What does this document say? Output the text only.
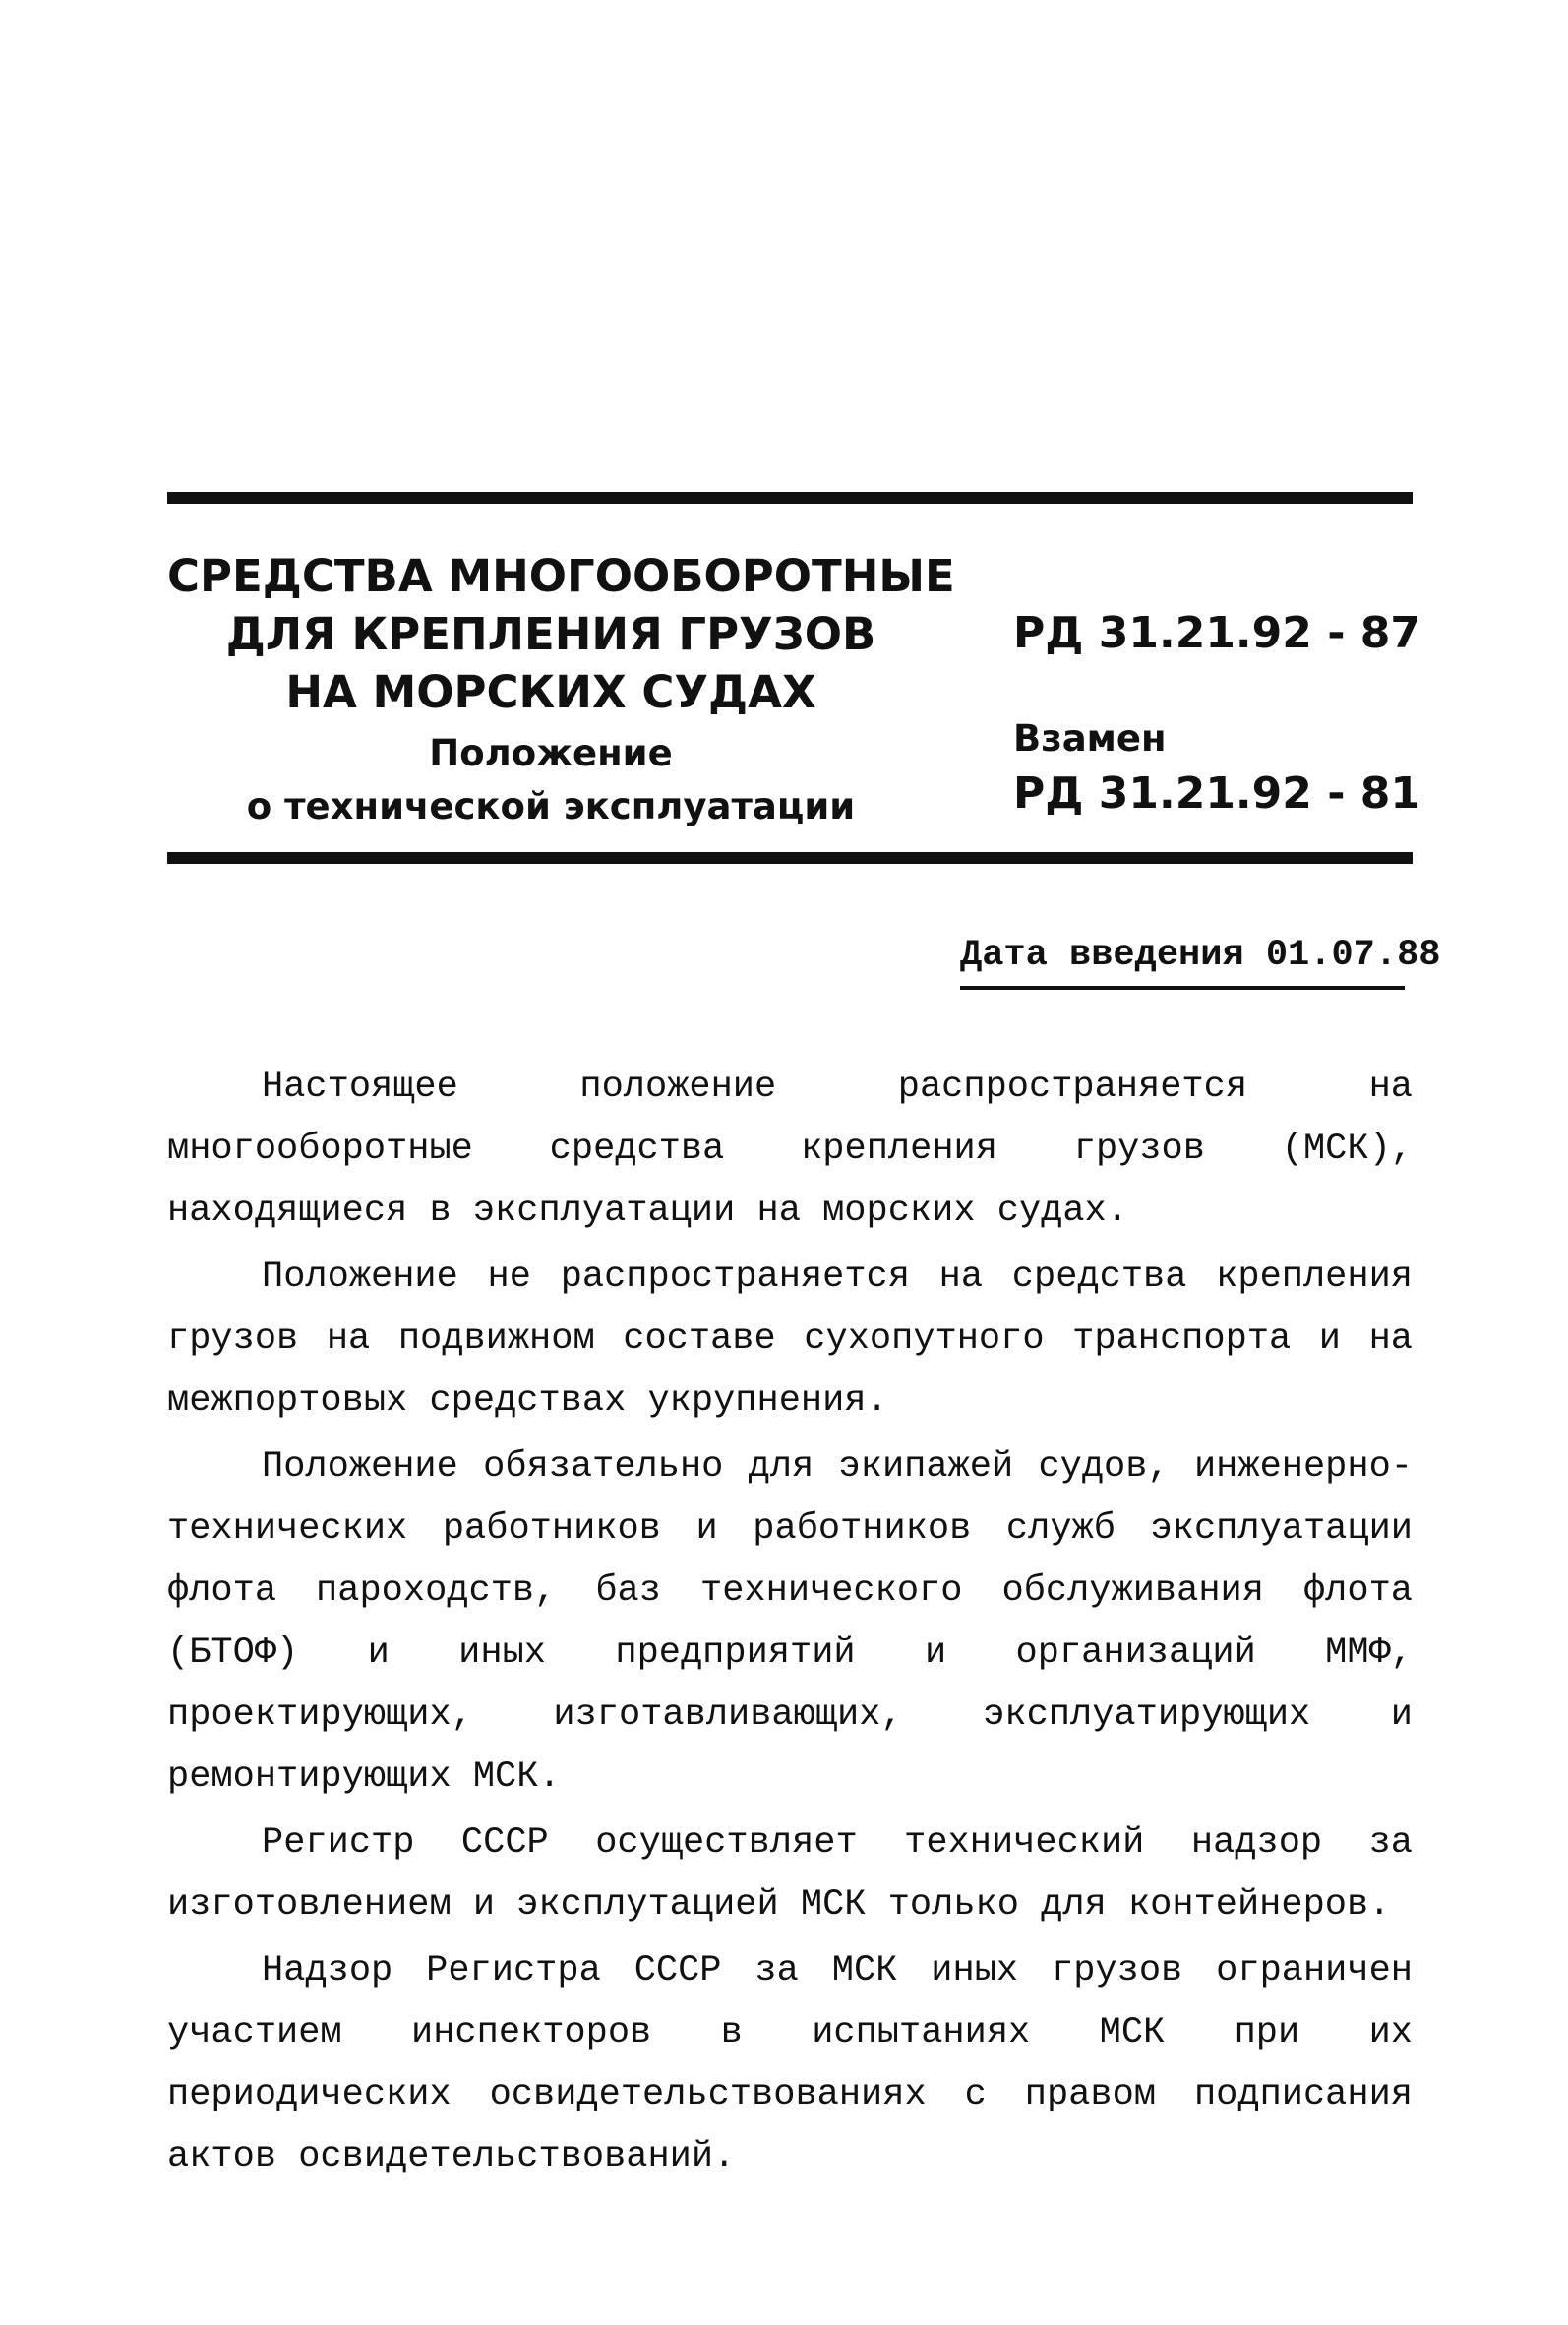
СРЕДСТВА МНОГООБОРОТНЫЕ
ДЛЯ КРЕПЛЕНИЯ ГРУЗОВ
НА МОРСКИХ СУДАХ
Положение
о технической эксплуатации
РД 31.21.92 - 87
Взамен
РД 31.21.92 - 81
Дата введения 01.07.88

Настоящее положение распространяется на многооборотные средства крепления грузов (МСК), находящиеся в эксплуатации на морских судах.

Положение не распространяется на средства крепления грузов на подвижном составе сухопутного транспорта и на межпортовых средствах укрупнения.

Положение обязательно для экипажей судов, инженерно-технических работников и работников служб эксплуатации флота пароходств, баз технического обслуживания флота (БТОФ) и иных предприятий и организаций ММФ, проектирующих, изготавливающих, эксплуатирующих и ремонтирующих МСК.

Регистр СССР осуществляет технический надзор за изготовлением и эксплутацией МСК только для контейнеров.

Надзор Регистра СССР за МСК иных грузов ограничен участием инспекторов в испытаниях МСК при их периодических освидетельствованиях с правом подписания актов освидетельствований.
